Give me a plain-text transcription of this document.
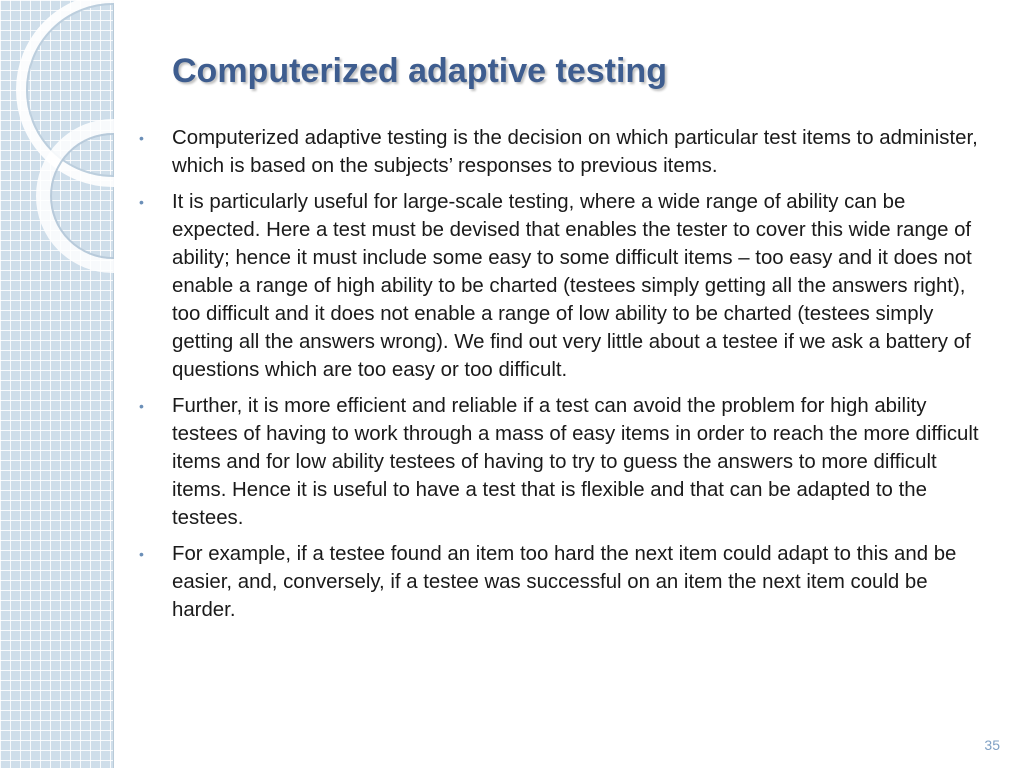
Computerized adaptive testing
• Computerized adaptive testing is the decision on which particular test items to administer, which is based on the subjects’ responses to previous items.
• It is particularly useful for large-scale testing, where a wide range of ability can be expected. Here a test must be devised that enables the tester to cover this wide range of ability; hence it must include some easy to some difficult items – too easy and it does not enable a range of high ability to be charted (testees simply getting all the answers right), too difficult and it does not enable a range of low ability to be charted (testees simply getting all the answers wrong). We find out very little about a testee if we ask a battery of questions which are too easy or too difficult.
• Further, it is more efficient and reliable if a test can avoid the problem for high ability testees of having to work through a mass of easy items in order to reach the more difficult items and for low ability testees of having to try to guess the answers to more difficult items. Hence it is useful to have a test that is flexible and that can be adapted to the testees.
• For example, if a testee found an item too hard the next item could adapt to this and be easier, and, conversely, if a testee was successful on an item the next item could be harder.
35
